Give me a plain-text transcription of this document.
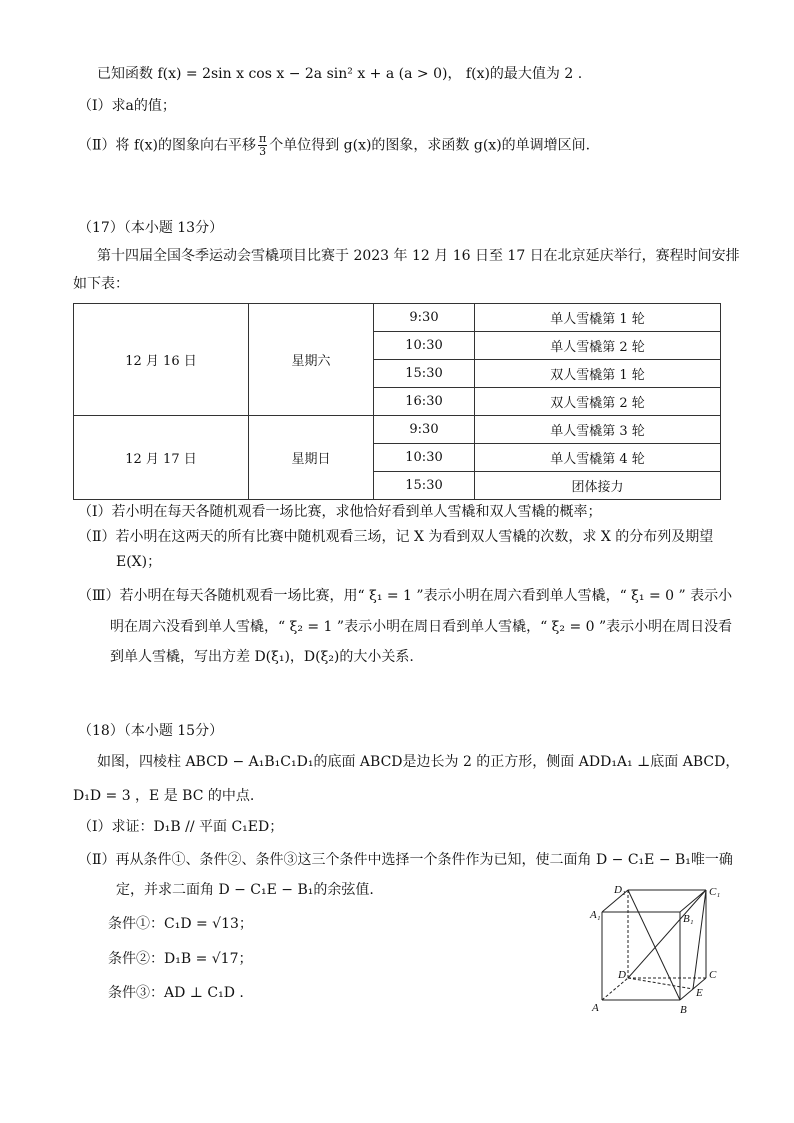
已知函数 f(x) = 2sin x cos x − 2a sin² x + a (a > 0)， f(x)的最大值为 2 .
（Ⅰ）求a的值；
（Ⅱ）将 f(x)的图象向右平移 $\frac{\pi}{3}$ 个单位得到 g(x)的图象，求函数 g(x)的单调增区间.
（17）（本小题 13分）
第十四届全国冬季运动会雪橇项目比赛于 2023 年 12 月 16 日至 17 日在北京延庆举行，赛程时间安排
如下表：
12 月 16 日	星期六	9:30	单人雪橇第 1 轮
		10:30	单人雪橇第 2 轮
		15:30	双人雪橇第 1 轮
		16:30	双人雪橇第 2 轮
12 月 17 日	星期日	9:30	单人雪橇第 3 轮
		10:30	单人雪橇第 4 轮
		15:30	团体接力
（Ⅰ）若小明在每天各随机观看一场比赛，求他恰好看到单人雪橇和双人雪橇的概率；
（Ⅱ）若小明在这两天的所有比赛中随机观看三场，记 X 为看到双人雪橇的次数，求 X 的分布列及期望
E(X)；
（Ⅲ）若小明在每天各随机观看一场比赛，用“ ξ₁ = 1 ”表示小明在周六看到单人雪橇，“ ξ₁ = 0 ” 表示小
明在周六没看到单人雪橇，“ ξ₂ = 1 ”表示小明在周日看到单人雪橇，“ ξ₂ = 0 ”表示小明在周日没看
到单人雪橇，写出方差 D(ξ₁)，D(ξ₂)的大小关系.
（18）（本小题 15分）
如图，四棱柱 ABCD − A₁B₁C₁D₁的底面 ABCD是边长为 2 的正方形，侧面 ADD₁A₁ ⊥底面 ABCD，
D₁D = 3 ，E 是 BC 的中点.
（Ⅰ）求证：D₁B // 平面 C₁ED；
（Ⅱ）再从条件①、条件②、条件③这三个条件中选择一个条件作为已知，使二面角 D − C₁E − B₁唯一确
定，并求二面角 D − C₁E − B₁的余弦值.
条件①：C₁D = √13；
条件②：D₁B = √17；
条件③：AD ⊥ C₁D .
D₁	C₁
A₁	B₁
D	C
E
A	B
